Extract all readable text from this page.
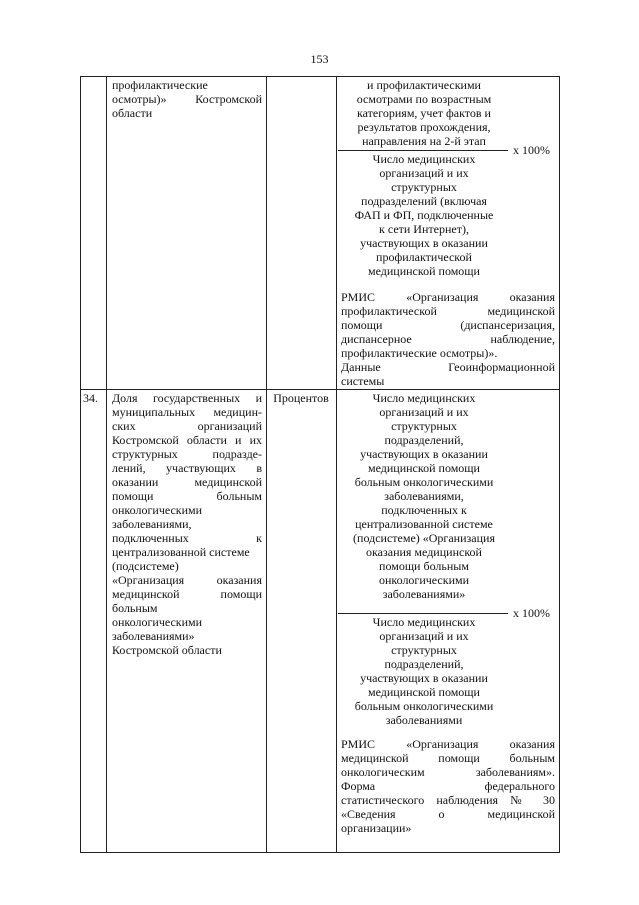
153
профилактические
осмотры)» Костромской
области
и профилактическими
осмотрами по возрастным
категориям, учет фактов и
результатов прохождения,
направления на 2-й этап
x 100%
Число медицинских
организаций и их
структурных
подразделений (включая
ФАП и ФП, подключенные
к сети Интернет),
участвующих в оказании
профилактической
медицинской помощи
РМИС «Организация оказания
профилактической медицинской
помощи (диспансеризация,
диспансерное наблюдение,
профилактические осмотры)».
Данные Геоинформационной
системы
34.	Доля государственных и
муниципальных медицин-
ских организаций
Костромской области и их
структурных подразде-
лений, участвующих в
оказании медицинской
помощи больным
онкологическими
заболеваниями,
подключенных к
централизованной системе
(подсистеме)
«Организация оказания
медицинской помощи
больным
онкологическими
заболеваниями»
Костромской области
Процентов	Число медицинских
организаций и их
структурных
подразделений,
участвующих в оказании
медицинской помощи
больным онкологическими
заболеваниями,
подключенных к
централизованной системе
(подсистеме) «Организация
оказания медицинской
помощи больным
онкологическими
заболеваниями»
x 100%
Число медицинских
организаций и их
структурных
подразделений,
участвующих в оказании
медицинской помощи
больным онкологическими
заболеваниями
РМИС «Организация оказания
медицинской помощи больным
онкологическим заболеваниям».
Форма федерального
статистического наблюдения № 30
«Сведения о медицинской
организации»
